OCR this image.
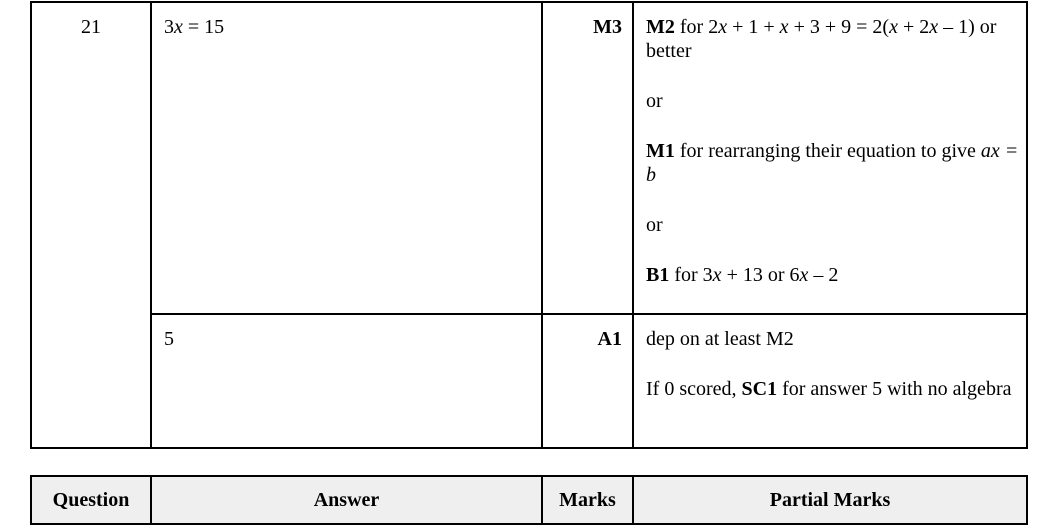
21	3x = 15	M3	M2 for 2x + 1 + x + 3 + 9 = 2(x + 2x – 1) or better

or

M1 for rearranging their equation to give ax = b

or

B1 for 3x + 13 or 6x – 2

	5	A1	dep on at least M2

If 0 scored, SC1 for answer 5 with no algebra

Question	Answer	Marks	Partial Marks
